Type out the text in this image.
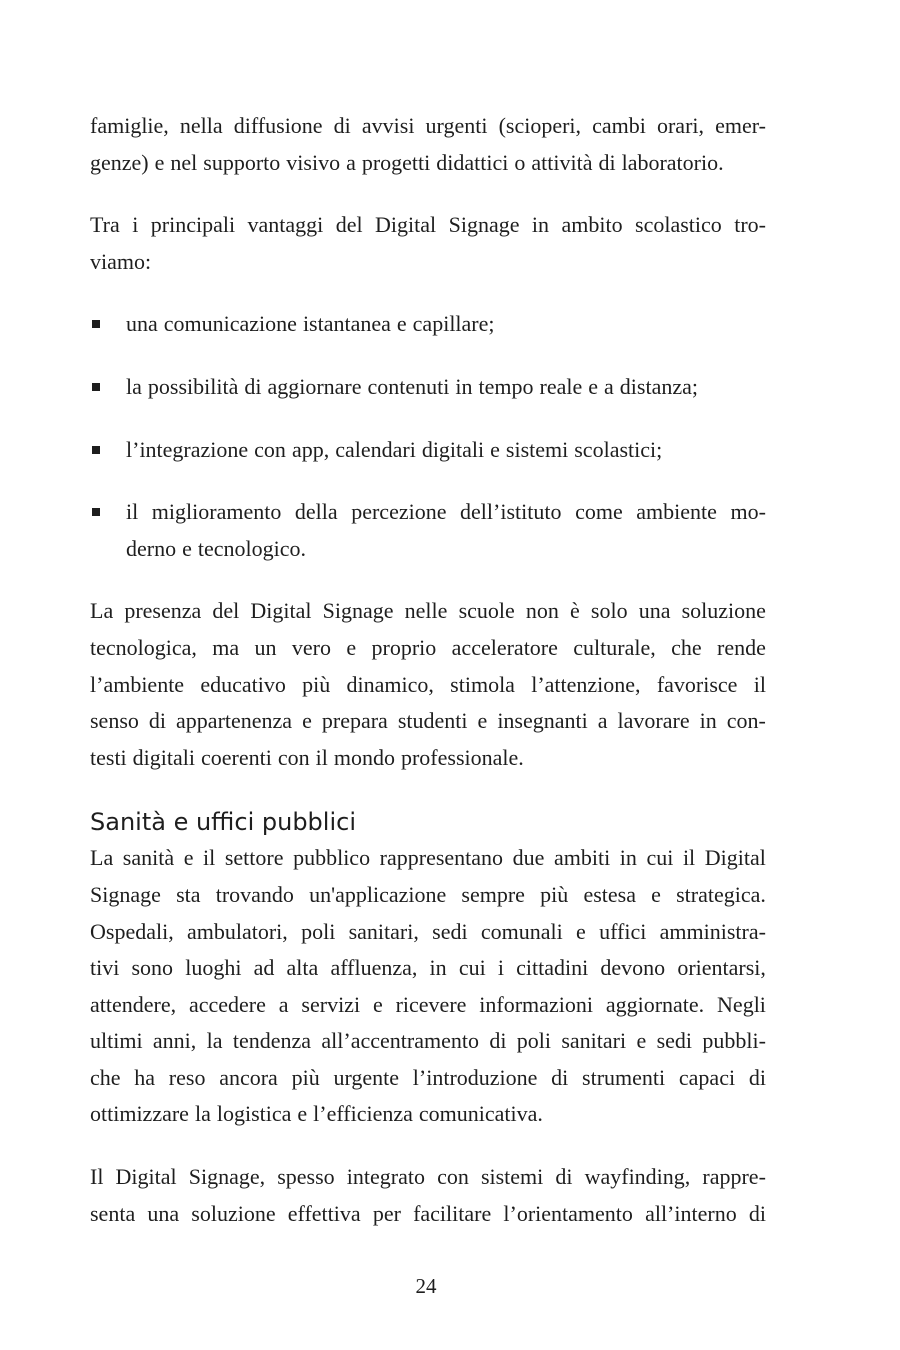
famiglie, nella diffusione di avvisi urgenti (scioperi, cambi orari, emer-
genze) e nel supporto visivo a progetti didattici o attività di laboratorio.
Tra i principali vantaggi del Digital Signage in ambito scolastico tro-
viamo:
una comunicazione istantanea e capillare;
la possibilità di aggiornare contenuti in tempo reale e a distanza;
l’integrazione con app, calendari digitali e sistemi scolastici;
il miglioramento della percezione dell’istituto come ambiente mo-
derno e tecnologico.
La presenza del Digital Signage nelle scuole non è solo una soluzione
tecnologica, ma un vero e proprio acceleratore culturale, che rende
l’ambiente educativo più dinamico, stimola l’attenzione, favorisce il
senso di appartenenza e prepara studenti e insegnanti a lavorare in con-
testi digitali coerenti con il mondo professionale.
Sanità e uffici pubblici
La sanità e il settore pubblico rappresentano due ambiti in cui il Digital
Signage sta trovando un'applicazione sempre più estesa e strategica.
Ospedali, ambulatori, poli sanitari, sedi comunali e uffici amministra-
tivi sono luoghi ad alta affluenza, in cui i cittadini devono orientarsi,
attendere, accedere a servizi e ricevere informazioni aggiornate. Negli
ultimi anni, la tendenza all’accentramento di poli sanitari e sedi pubbli-
che ha reso ancora più urgente l’introduzione di strumenti capaci di
ottimizzare la logistica e l’efficienza comunicativa.
Il Digital Signage, spesso integrato con sistemi di wayfinding, rappre-
senta una soluzione effettiva per facilitare l’orientamento all’interno di
24
